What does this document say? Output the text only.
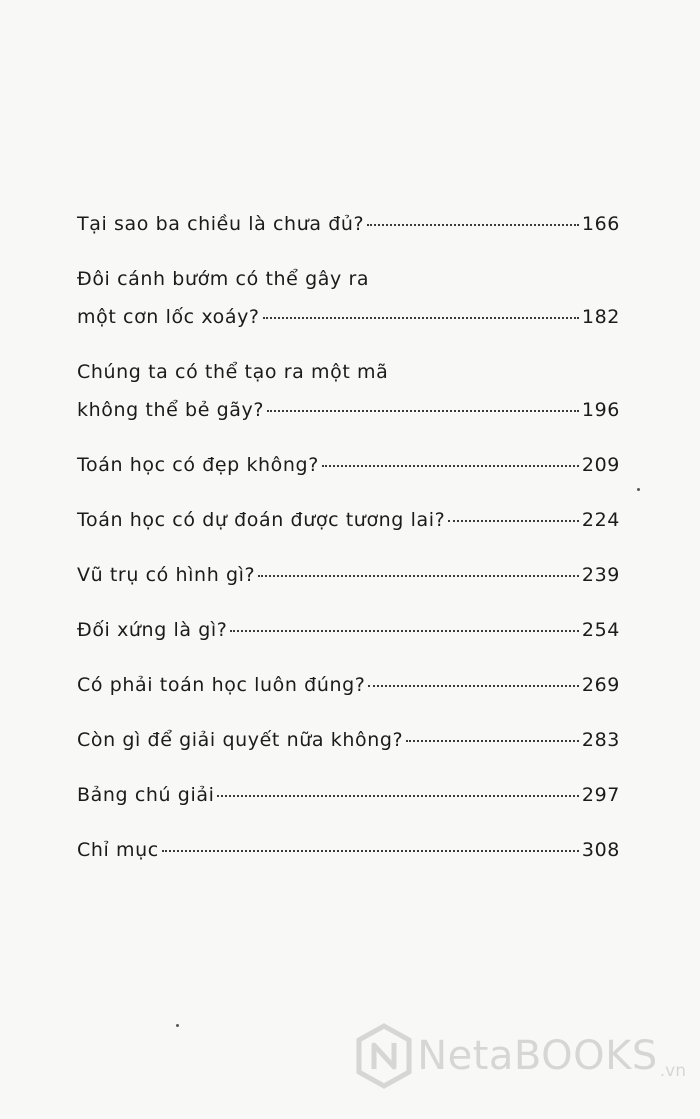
Tại sao ba chiều là chưa đủ?	166
Đôi cánh bướm có thể gây ra
một cơn lốc xoáy?	182
Chúng ta có thể tạo ra một mã
không thể bẻ gãy?	196
Toán học có đẹp không?	209
Toán học có dự đoán được tương lai?	224
Vũ trụ có hình gì?	239
Đối xứng là gì?	254
Có phải toán học luôn đúng?	269
Còn gì để giải quyết nữa không?	283
Bảng chú giải	297
Chỉ mục	308
NetaBOOKS .vn
